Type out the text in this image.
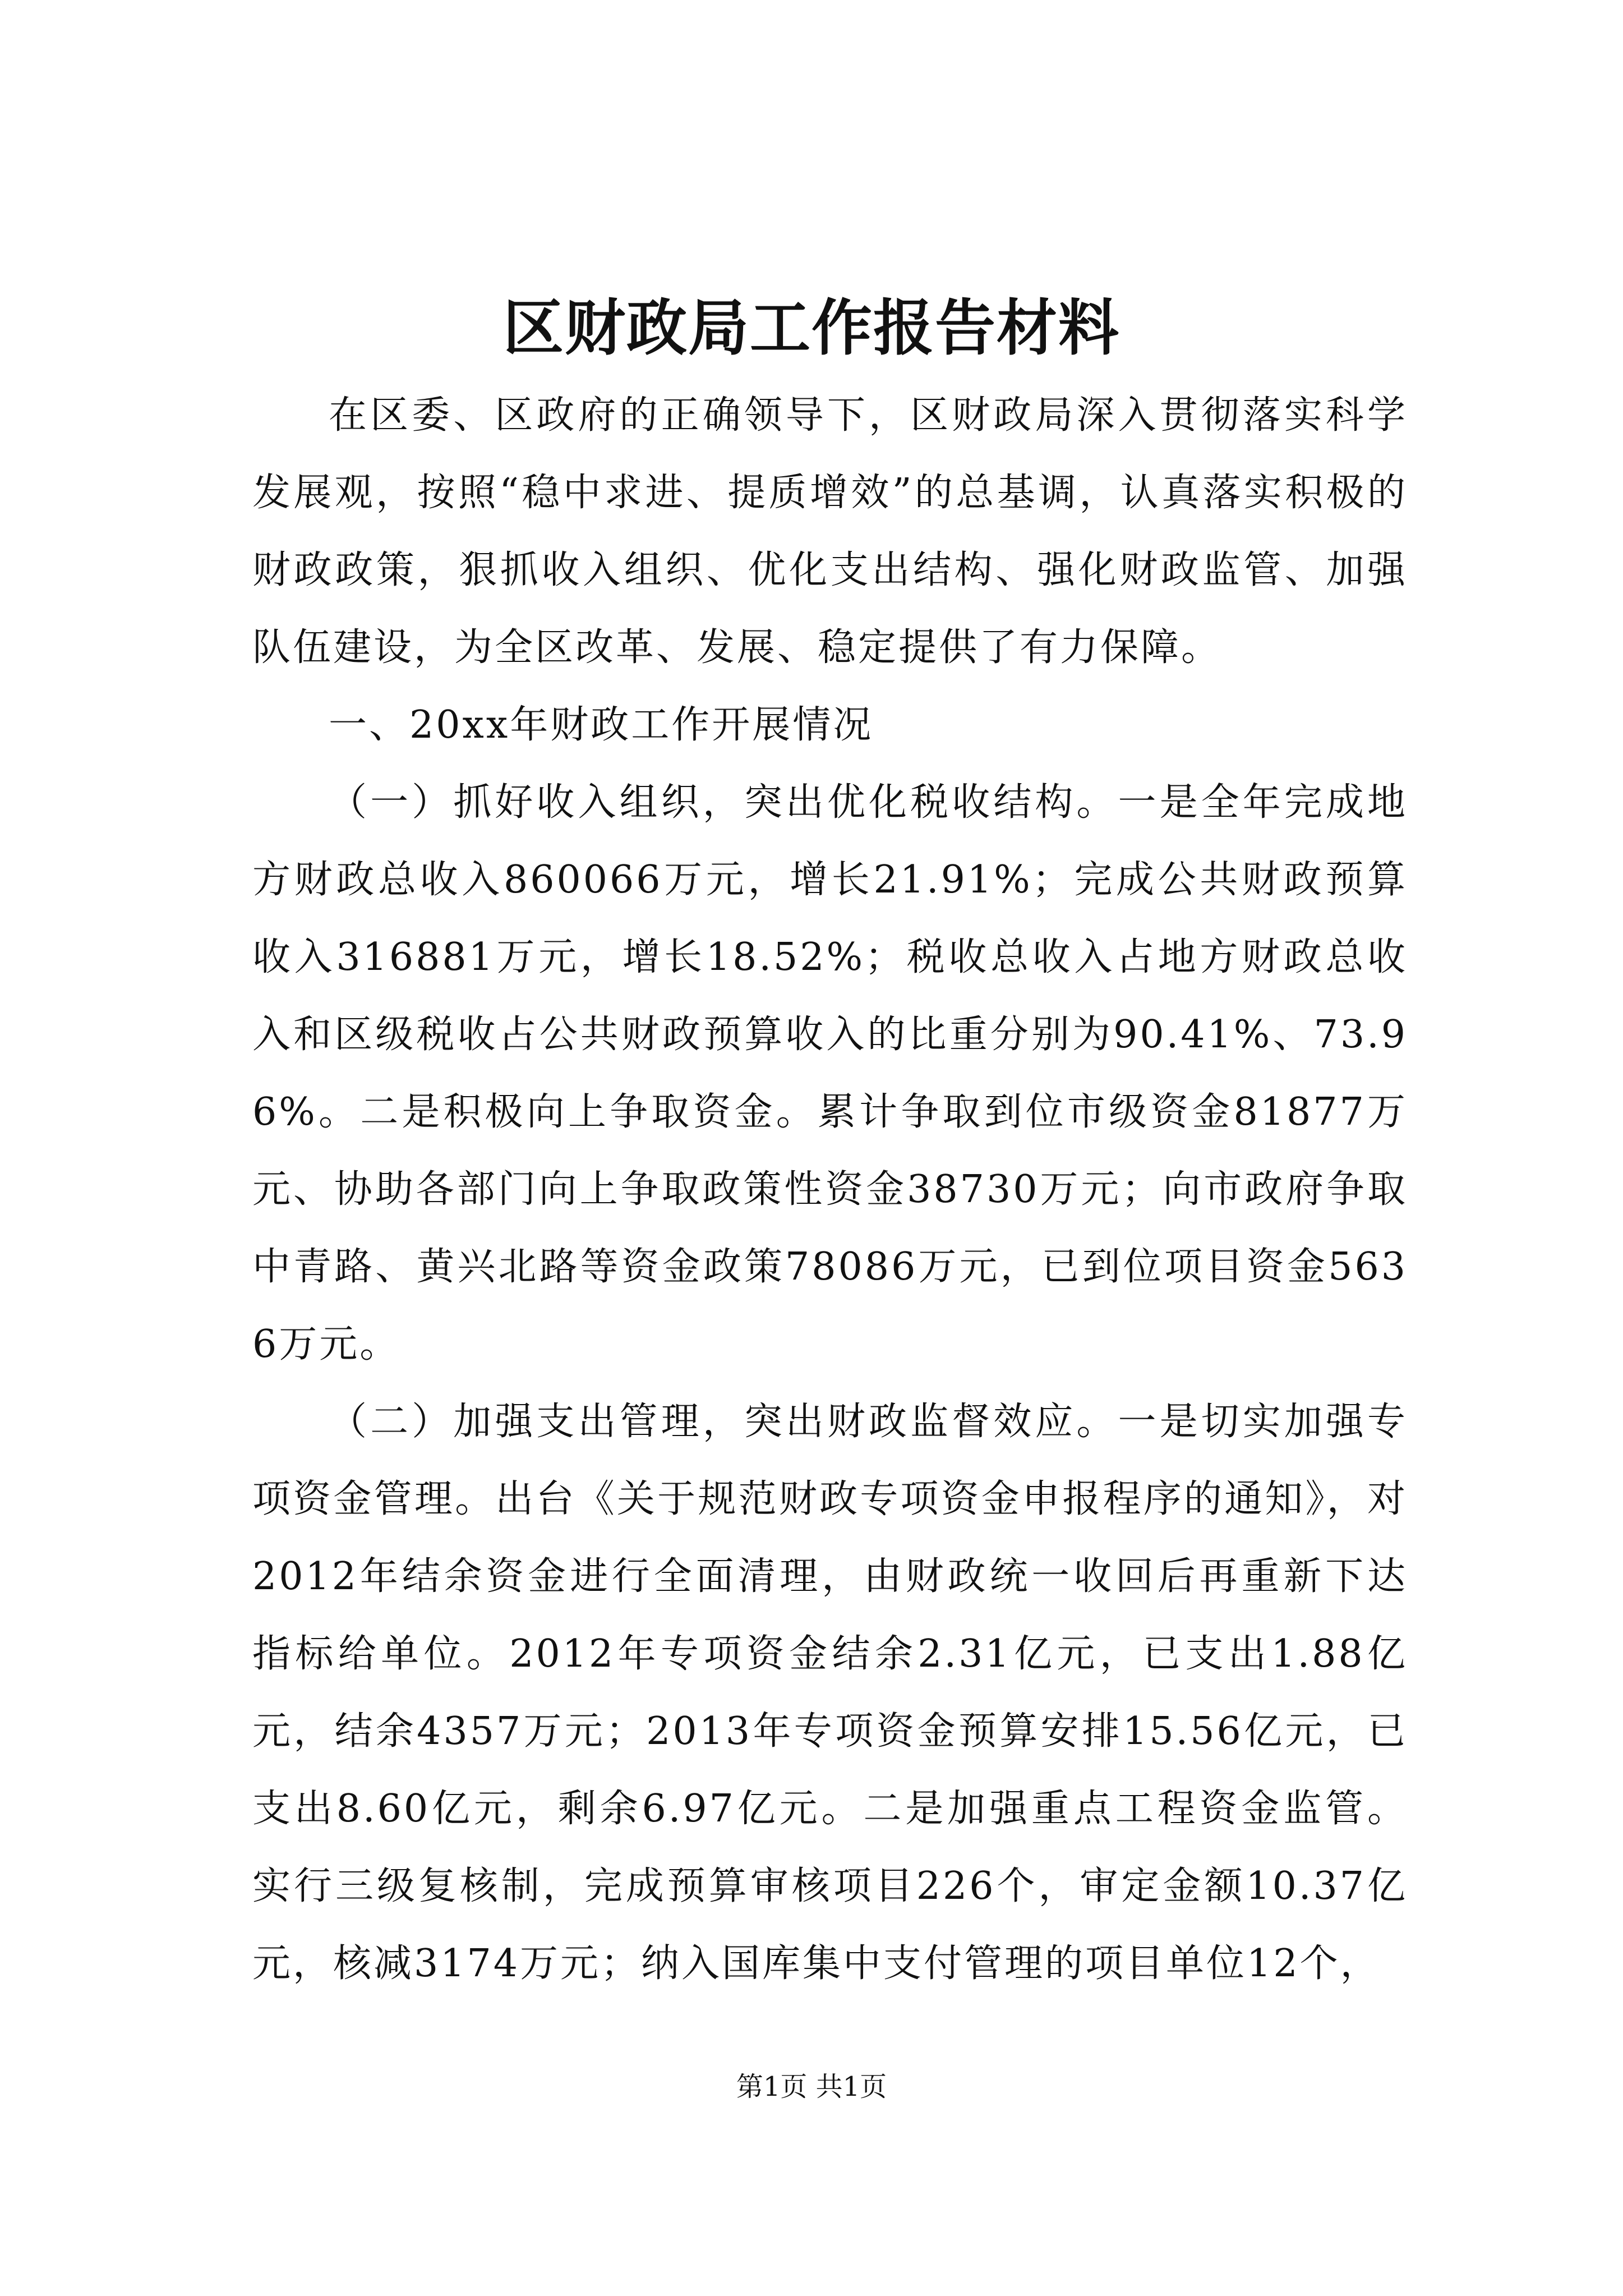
区财政局工作报告材料

在区委、区政府的正确领导下，区财政局深入贯彻落实科学发展观，按照“稳中求进、提质增效”的总基调，认真落实积极的财政政策，狠抓收入组织、优化支出结构、强化财政监管、加强队伍建设，为全区改革、发展、稳定提供了有力保障。

一、20xx年财政工作开展情况

（一）抓好收入组织，突出优化税收结构。一是全年完成地方财政总收入860066万元，增长21.91%；完成公共财政预算收入316881万元，增长18.52%；税收总收入占地方财政总收入和区级税收占公共财政预算收入的比重分别为90.41%、73.96%。二是积极向上争取资金。累计争取到位市级资金81877万元、协助各部门向上争取政策性资金38730万元；向市政府争取中青路、黄兴北路等资金政策78086万元，已到位项目资金5636万元。

（二）加强支出管理，突出财政监督效应。一是切实加强专项资金管理。出台《关于规范财政专项资金申报程序的通知》，对2012年结余资金进行全面清理，由财政统一收回后再重新下达指标给单位。2012年专项资金结余2.31亿元，已支出1.88亿元，结余4357万元；2013年专项资金预算安排15.56亿元，已支出8.60亿元，剩余6.97亿元。二是加强重点工程资金监管。实行三级复核制，完成预算审核项目226个，审定金额10.37亿元，核减3174万元；纳入国库集中支付管理的项目单位12个，

第1页 共1页
